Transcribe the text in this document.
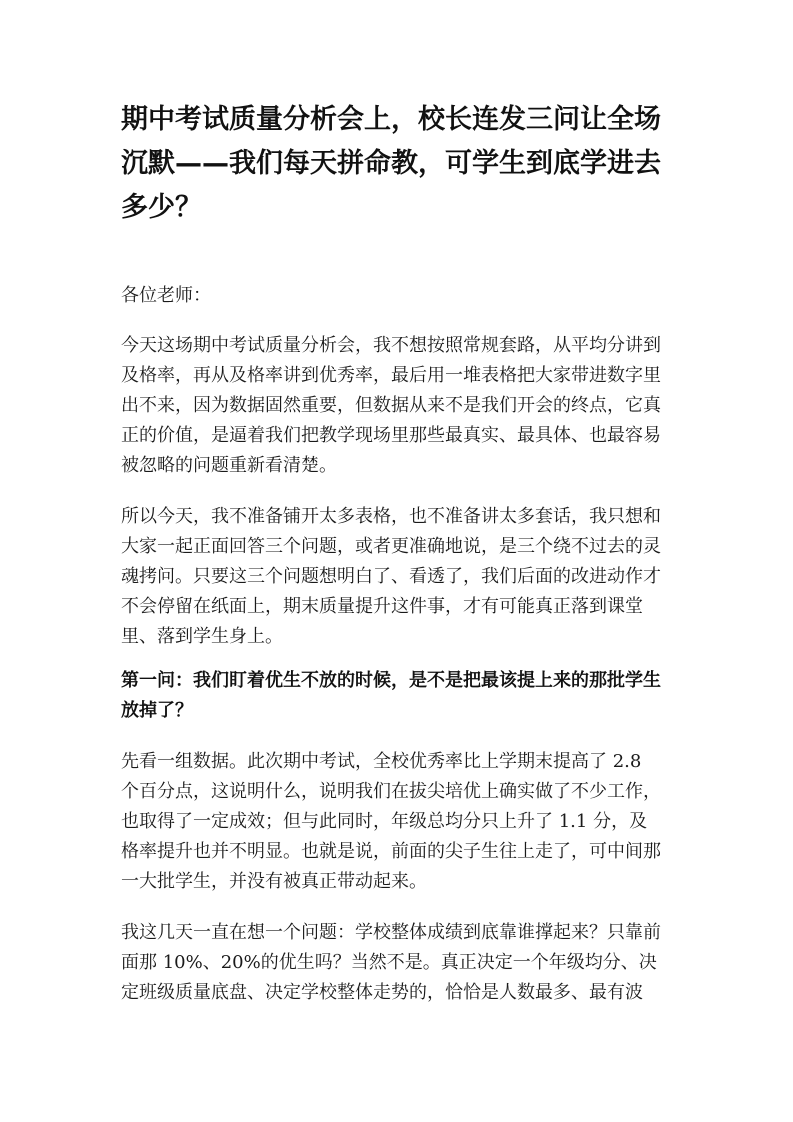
期中考试质量分析会上，校长连发三问让全场沉默——我们每天拼命教，可学生到底学进去多少？

各位老师：

今天这场期中考试质量分析会，我不想按照常规套路，从平均分讲到及格率，再从及格率讲到优秀率，最后用一堆表格把大家带进数字里出不来，因为数据固然重要，但数据从来不是我们开会的终点，它真正的价值，是逼着我们把教学现场里那些最真实、最具体、也最容易被忽略的问题重新看清楚。

所以今天，我不准备铺开太多表格，也不准备讲太多套话，我只想和大家一起正面回答三个问题，或者更准确地说，是三个绕不过去的灵魂拷问。只要这三个问题想明白了、看透了，我们后面的改进动作才不会停留在纸面上，期末质量提升这件事，才有可能真正落到课堂里、落到学生身上。

第一问：我们盯着优生不放的时候，是不是把最该提上来的那批学生放掉了？

先看一组数据。此次期中考试，全校优秀率比上学期末提高了 2.8 个百分点，这说明什么，说明我们在拔尖培优上确实做了不少工作，也取得了一定成效；但与此同时，年级总均分只上升了 1.1 分，及格率提升也并不明显。也就是说，前面的尖子生往上走了，可中间那一大批学生，并没有被真正带动起来。

我这几天一直在想一个问题：学校整体成绩到底靠谁撑起来？只靠前面那 10%、20%的优生吗？当然不是。真正决定一个年级均分、决定班级质量底盘、决定学校整体走势的，恰恰是人数最多、最有波
